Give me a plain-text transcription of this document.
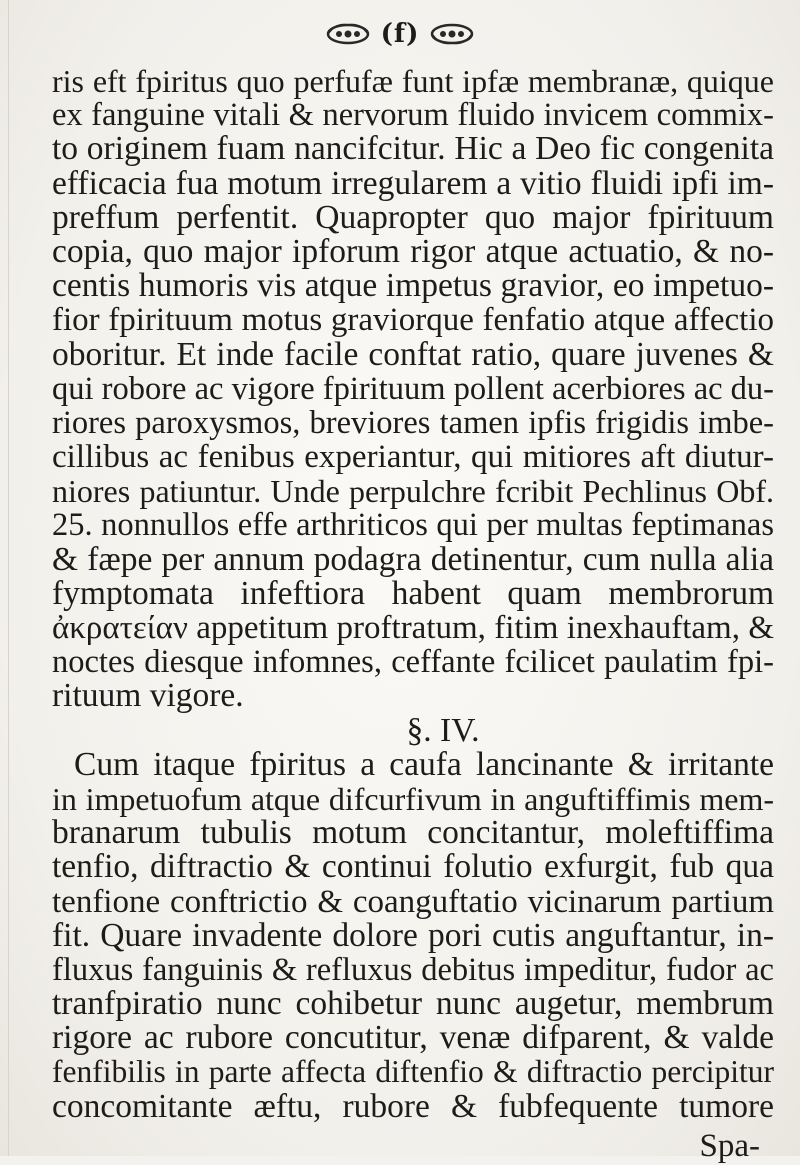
(f)
ris eft fpiritus quo perfufæ funt ipfæ membranæ, quique
ex fanguine vitali & nervorum fluido invicem commix-
to originem fuam nancifcitur. Hic a Deo fic congenita
efficacia fua motum irregularem a vitio fluidi ipfi im-
preffum perfentit. Quapropter quo major fpirituum
copia, quo major ipforum rigor atque actuatio, & no-
centis humoris vis atque impetus gravior, eo impetuo-
fior fpirituum motus graviorque fenfatio atque affectio
oboritur. Et inde facile conftat ratio, quare juvenes &
qui robore ac vigore fpirituum pollent acerbiores ac du-
riores paroxysmos, breviores tamen ipfis frigidis imbe-
cillibus ac fenibus experiantur, qui mitiores aft diutur-
niores patiuntur. Unde perpulchre fcribit Pechlinus Obf.
25. nonnullos effe arthriticos qui per multas feptimanas
& fæpe per annum podagra detinentur, cum nulla alia
fymptomata infeftiora habent quam membrorum
ἀκρατείαν appetitum proftratum, fitim inexhauftam, &
noctes diesque infomnes, ceffante fcilicet paulatim fpi-
rituum vigore.
§. IV.
Cum itaque fpiritus a caufa lancinante & irritante
in impetuofum atque difcurfivum in anguftiffimis mem-
branarum tubulis motum concitantur, moleftiffima
tenfio, diftractio & continui folutio exfurgit, fub qua
tenfione conftrictio & coanguftatio vicinarum partium
fit. Quare invadente dolore pori cutis anguftantur, in-
fluxus fanguinis & refluxus debitus impeditur, fudor ac
tranfpiratio nunc cohibetur nunc augetur, membrum
rigore ac rubore concutitur, venæ difparent, & valde
fenfibilis in parte affecta diftenfio & diftractio percipitur
concomitante æftu, rubore & fubfequente tumore
Spa-
